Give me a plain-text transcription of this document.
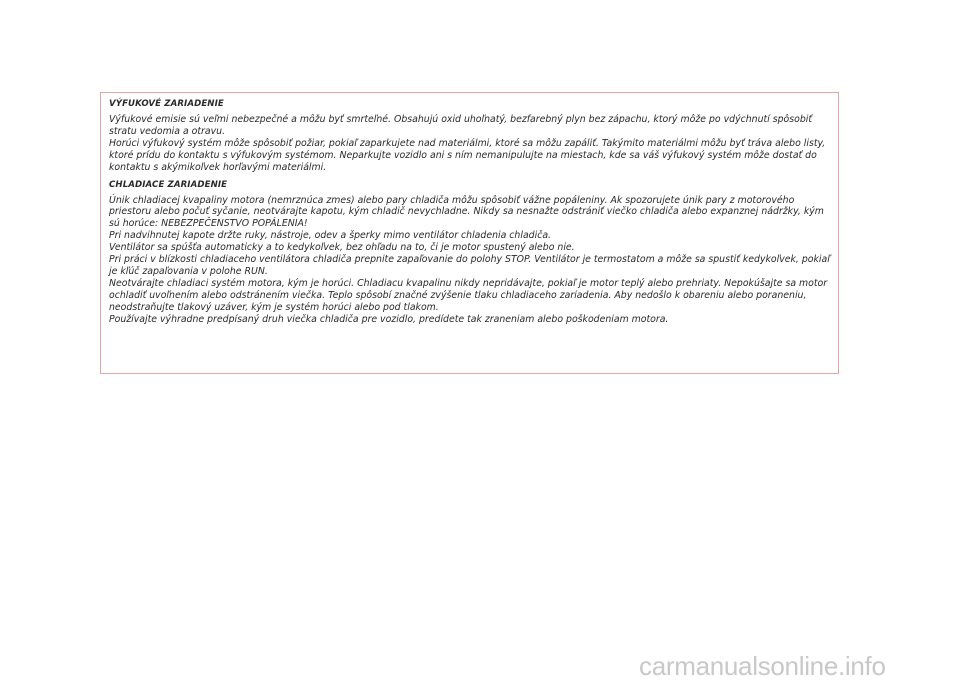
VÝFUKOVÉ ZARIADENIE

Výfukové emisie sú veľmi nebezpečné a môžu byť smrteľné. Obsahujú oxid uhoľnatý, bezfarebný plyn bez zápachu, ktorý môže po vdýchnutí spôsobiť stratu vedomia a otravu.

Horúci výfukový systém môže spôsobiť požiar, pokiaľ zaparkujete nad materiálmi, ktoré sa môžu zapáliť. Takýmito materiálmi môžu byť tráva alebo listy, ktoré prídu do kontaktu s výfukovým systémom. Neparkujte vozidlo ani s ním nemanipulujte na miestach, kde sa váš výfukový systém môže dostať do kontaktu s akýmikoľvek horľavými materiálmi.

CHLADIACE ZARIADENIE

Únik chladiacej kvapaliny motora (nemrznúca zmes) alebo pary chladiča môžu spôsobiť vážne popáleniny. Ak spozorujete únik pary z motorového priestoru alebo počuť syčanie, neotvárajte kapotu, kým chladič nevychladne. Nikdy sa nesnažte odstrániť viečko chladiča alebo expanznej nádržky, kým sú horúce: NEBEZPEČENSTVO POPÁLENIA!

Pri nadvihnutej kapote držte ruky, nástroje, odev a šperky mimo ventilátor chladenia chladiča.

Ventilátor sa spúšťa automaticky a to kedykoľvek, bez ohľadu na to, či je motor spustený alebo nie.

Pri práci v blízkosti chladiaceho ventilátora chladiča prepnite zapaľovanie do polohy STOP. Ventilátor je termostatom a môže sa spustiť kedykoľvek, pokiaľ je kľúč zapaľovania v polohe RUN.

Neotvárajte chladiaci systém motora, kým je horúci. Chladiacu kvapalinu nikdy nepridávajte, pokiaľ je motor teplý alebo prehriaty. Nepokúšajte sa motor ochladiť uvoľnením alebo odstránením viečka. Teplo spôsobí značné zvýšenie tlaku chladiaceho zariadenia. Aby nedošlo k obareniu alebo poraneniu, neodstraňujte tlakový uzáver, kým je systém horúci alebo pod tlakom.

Používajte výhradne predpísaný druh viečka chladiča pre vozidlo, predídete tak zraneniam alebo poškodeniam motora.

carmanualsonline.info
